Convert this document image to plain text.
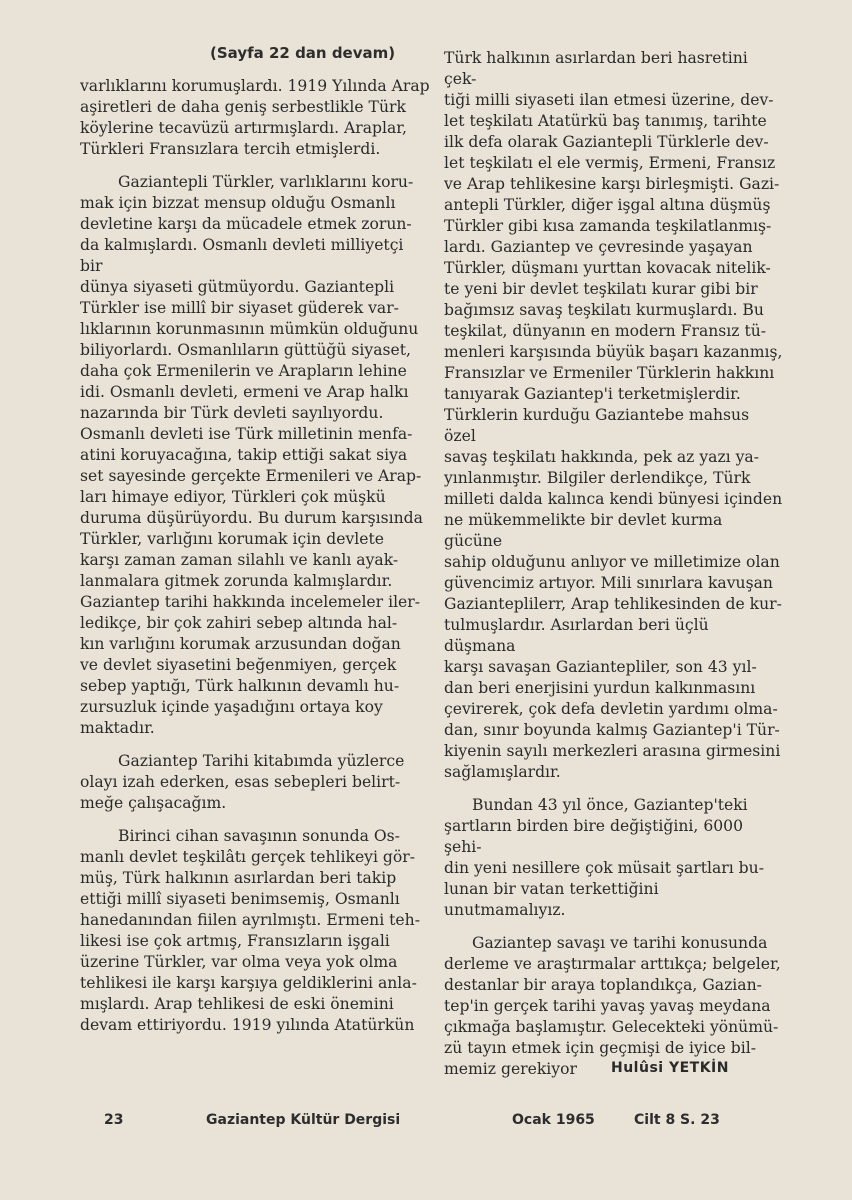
(Sayfa 22 dan devam)

varlıklarını korumuşlardı. 1919 Yılında Arap
aşiretleri de daha geniş serbestlikle Türk
köylerine tecavüzü artırmışlardı. Araplar,
Türkleri Fransızlara tercih etmişlerdi.

Gaziantepli Türkler, varlıklarını koru-
mak için bizzat mensup olduğu Osmanlı
devletine karşı da mücadele etmek zorun-
da kalmışlardı. Osmanlı devleti milliyetçi bir
dünya siyaseti gütmüyordu. Gaziantepli
Türkler ise millî bir siyaset güderek var-
lıklarının korunmasının mümkün olduğunu
biliyorlardı. Osmanlıların güttüğü siyaset,
daha çok Ermenilerin ve Arapların lehine
idi. Osmanlı devleti, ermeni ve Arap halkı
nazarında bir Türk devleti sayılıyordu.
Osmanlı devleti ise Türk milletinin menfa-
atini koruyacağına, takip ettiği sakat siya
set sayesinde gerçekte Ermenileri ve Arap-
ları himaye ediyor, Türkleri çok müşkü
duruma düşürüyordu. Bu durum karşısında
Türkler, varlığını korumak için devlete
karşı zaman zaman silahlı ve kanlı ayak-
lanmalara gitmek zorunda kalmışlardır.
Gaziantep tarihi hakkında incelemeler iler-
ledikçe, bir çok zahiri sebep altında hal-
kın varlığını korumak arzusundan doğan
ve devlet siyasetini beğenmiyen, gerçek
sebep yaptığı, Türk halkının devamlı hu-
zursuzluk içinde yaşadığını ortaya koy
maktadır.

Gaziantep Tarihi kitabımda yüzlerce
olayı izah ederken, esas sebepleri belirt-
meğe çalışacağım.

Birinci cihan savaşının sonunda Os-
manlı devlet teşkilâtı gerçek tehlikeyi gör-
müş, Türk halkının asırlardan beri takip
ettiği millî siyaseti benimsemiş, Osmanlı
hanedanından fiilen ayrılmıştı. Ermeni teh-
likesi ise çok artmış, Fransızların işgali
üzerine Türkler, var olma veya yok olma
tehlikesi ile karşı karşıya geldiklerini anla-
mışlardı. Arap tehlikesi de eski önemini
devam ettiriyordu. 1919 yılında Atatürkün

Türk halkının asırlardan beri hasretini çek-
tiği milli siyaseti ilan etmesi üzerine, dev-
let teşkilatı Atatürkü baş tanımış, tarihte
ilk defa olarak Gaziantepli Türklerle dev-
let teşkilatı el ele vermiş, Ermeni, Fransız
ve Arap tehlikesine karşı birleşmişti. Gazi-
antepli Türkler, diğer işgal altına düşmüş
Türkler gibi kısa zamanda teşkilatlanmış-
lardı. Gaziantep ve çevresinde yaşayan
Türkler, düşmanı yurttan kovacak nitelik-
te yeni bir devlet teşkilatı kurar gibi bir
bağımsız savaş teşkilatı kurmuşlardı. Bu
teşkilat, dünyanın en modern Fransız tü-
menleri karşısında büyük başarı kazanmış,
Fransızlar ve Ermeniler Türklerin hakkını
tanıyarak Gaziantep'i terketmişlerdir.
Türklerin kurduğu Gaziantebe mahsus özel
savaş teşkilatı hakkında, pek az yazı ya-
yınlanmıştır. Bilgiler derlendikçe, Türk
milleti dalda kalınca kendi bünyesi içinden
ne mükemmelikte bir devlet kurma gücüne
sahip olduğunu anlıyor ve milletimize olan
güvencimiz artıyor. Mili sınırlara kavuşan
Gazianteplilerr, Arap tehlikesinden de kur-
tulmuşlardır. Asırlardan beri üçlü düşmana
karşı savaşan Gaziantepliler, son 43 yıl-
dan beri enerjisini yurdun kalkınmasını
çevirerek, çok defa devletin yardımı olma-
dan, sınır boyunda kalmış Gaziantep'i Tür-
kiyenin sayılı merkezleri arasına girmesini
sağlamışlardır.

Bundan 43 yıl önce, Gaziantep'teki
şartların birden bire değiştiğini, 6000 şehi-
din yeni nesillere çok müsait şartları bu-
lunan bir vatan terkettiğini unutmamalıyız.

Gaziantep savaşı ve tarihi konusunda
derleme ve araştırmalar arttıkça; belgeler,
destanlar bir araya toplandıkça, Gazian-
tep'in gerçek tarihi yavaş yavaş meydana
çıkmağa başlamıştır. Gelecekteki yönümü-
zü tayın etmek için geçmişi de iyice bil-
memiz gerekiyor	Hulûsi YETKİN
23	Gaziantep Kültür Dergisi	Ocak 1965	Cilt 8 S. 23
